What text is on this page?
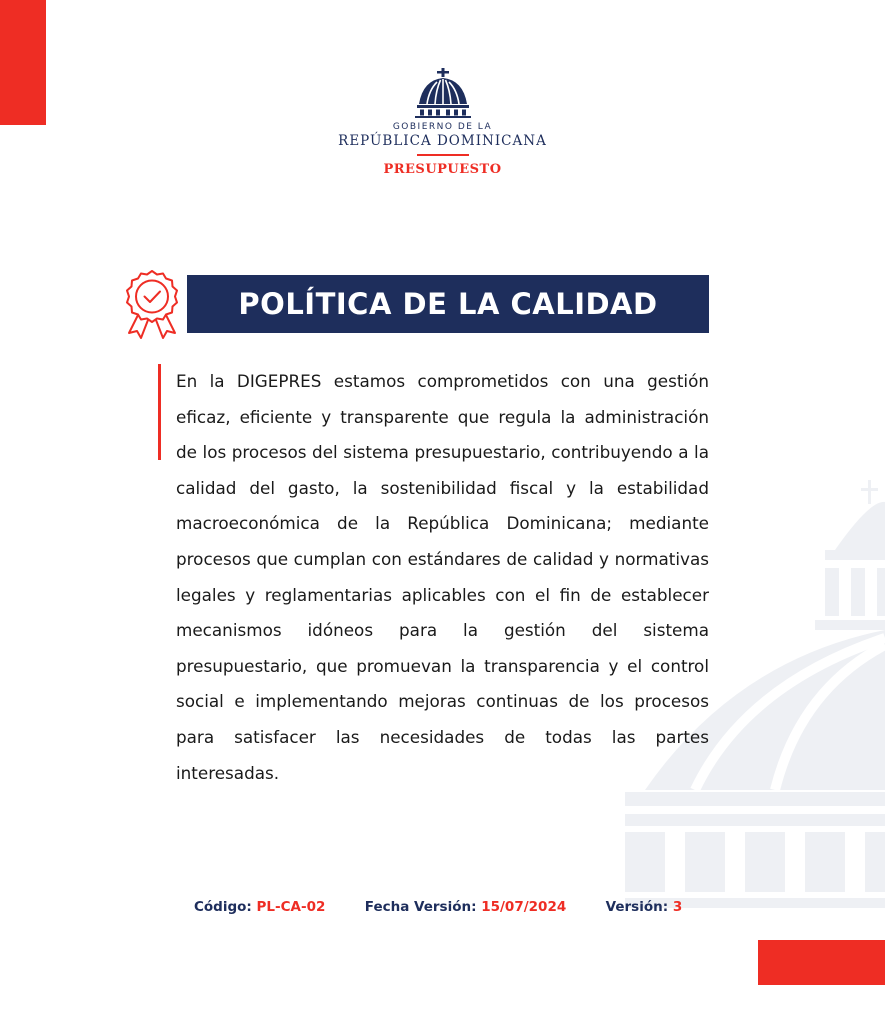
GOBIERNO DE LA
REPÚBLICA DOMINICANA
PRESUPUESTO
POLÍTICA DE LA CALIDAD

En la DIGEPRES estamos comprometidos con una gestión eficaz, eficiente y transparente que regula la administración de los procesos del sistema presupuestario, contribuyendo a la calidad del gasto, la sostenibilidad fiscal y la estabilidad macroeconómica de la República Dominicana; mediante procesos que cumplan con estándares de calidad y normativas legales y reglamentarias aplicables con el fin de establecer mecanismos idóneos para la gestión del sistema presupuestario, que promuevan la transparencia y el control social e implementando mejoras continuas de los procesos para satisfacer las necesidades de todas las partes interesadas.

Código: PL-CA-02	Fecha Versión: 15/07/2024	Versión: 3
